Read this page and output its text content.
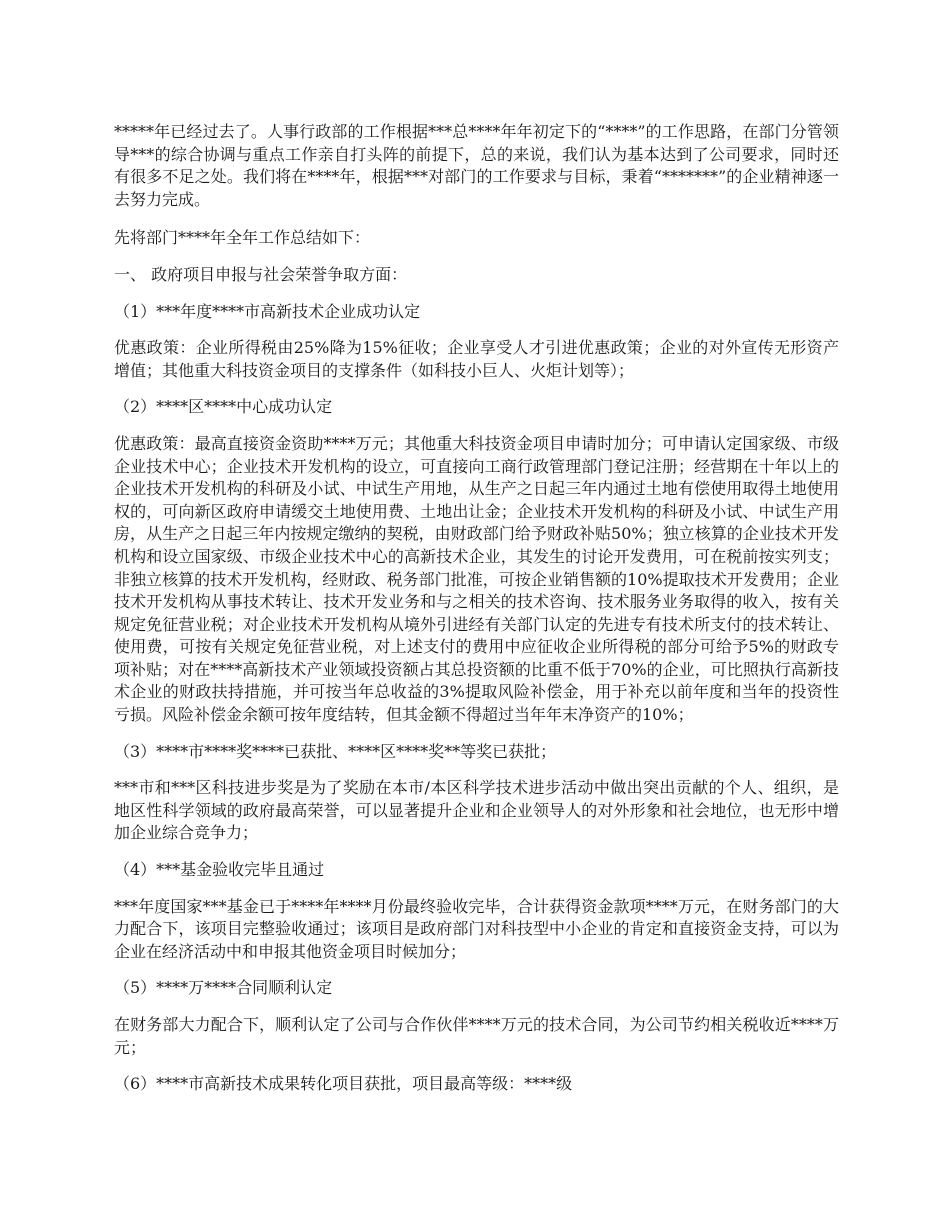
*****年已经过去了。人事行政部的工作根据***总****年年初定下的“****”的工作思路，在部门分管领导***的综合协调与重点工作亲自打头阵的前提下，总的来说，我们认为基本达到了公司要求，同时还有很多不足之处。我们将在****年，根据***对部门的工作要求与目标，秉着“*******”的企业精神逐一去努力完成。

先将部门****年全年工作总结如下：

一、 政府项目申报与社会荣誉争取方面：

（1）***年度****市高新技术企业成功认定

优惠政策：企业所得税由25%降为15%征收；企业享受人才引进优惠政策；企业的对外宣传无形资产增值；其他重大科技资金项目的支撑条件（如科技小巨人、火炬计划等）；

（2）****区****中心成功认定

优惠政策：最高直接资金资助****万元；其他重大科技资金项目申请时加分；可申请认定国家级、市级企业技术中心；企业技术开发机构的设立，可直接向工商行政管理部门登记注册；经营期在十年以上的企业技术开发机构的科研及小试、中试生产用地，从生产之日起三年内通过土地有偿使用取得土地使用权的，可向新区政府申请缓交土地使用费、土地出让金；企业技术开发机构的科研及小试、中试生产用房，从生产之日起三年内按规定缴纳的契税，由财政部门给予财政补贴50%；独立核算的企业技术开发机构和设立国家级、市级企业技术中心的高新技术企业，其发生的讨论开发费用，可在税前按实列支；非独立核算的技术开发机构，经财政、税务部门批准，可按企业销售额的10%提取技术开发费用；企业技术开发机构从事技术转让、技术开发业务和与之相关的技术咨询、技术服务业务取得的收入，按有关规定免征营业税；对企业技术开发机构从境外引进经有关部门认定的先进专有技术所支付的技术转让、使用费，可按有关规定免征营业税，对上述支付的费用中应征收企业所得税的部分可给予5%的财政专项补贴；对在****高新技术产业领域投资额占其总投资额的比重不低于70%的企业，可比照执行高新技术企业的财政扶持措施，并可按当年总收益的3%提取风险补偿金，用于补充以前年度和当年的投资性亏损。风险补偿金余额可按年度结转，但其金额不得超过当年年末净资产的10%；

（3）****市****奖****已获批、****区****奖**等奖已获批；

***市和***区科技进步奖是为了奖励在本市/本区科学技术进步活动中做出突出贡献的个人、组织，是地区性科学领域的政府最高荣誉，可以显著提升企业和企业领导人的对外形象和社会地位，也无形中增加企业综合竞争力；

（4）***基金验收完毕且通过

***年度国家***基金已于****年****月份最终验收完毕，合计获得资金款项****万元，在财务部门的大力配合下，该项目完整验收通过；该项目是政府部门对科技型中小企业的肯定和直接资金支持，可以为企业在经济活动中和申报其他资金项目时候加分；

（5）****万****合同顺利认定

在财务部大力配合下，顺利认定了公司与合作伙伴****万元的技术合同，为公司节约相关税收近****万元；

（6）****市高新技术成果转化项目获批，项目最高等级：****级
